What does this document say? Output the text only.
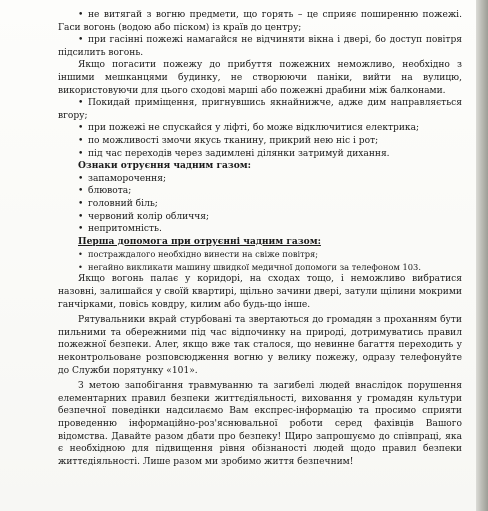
• не витягай з вогню предмети, що горять – це сприяє поширенню пожежі. Гаси вогонь (водою або піском) із країв до центру;

• при гасінні пожежі намагайся не відчиняти вікна і двері, бо доступ повітря підсилить вогонь.

Якщо погасити пожежу до прибуття пожежних неможливо, необхідно з іншими мешканцями будинку, не створюючи паніки, вийти на вулицю, використовуючи для цього сходові марші або пожежні драбини між балконами.

• Покидай приміщення, пригнувшись якнайнижче, адже дим направляється вгору;

• при пожежі не спускайся у ліфті, бо може відключитися електрика;

• по можливості змочи якусь тканину, прикрий нею ніс і рот;

• під час переходів через задимлені ділянки затримуй дихання.

Ознаки отруєння чадним газом:

• запаморочення;

• блювота;

• головний біль;

• червоний колір обличчя;

• непритомність.

Перша допомога при отруєнні чадним газом:

• постраждалого необхідно винести на свіже повітря;

• негайно викликати машину швидкої медичної допомоги за телефоном 103.

Якщо вогонь палає у коридорі, на сходах тощо, і неможливо вибратися назовні, залишайся у своїй квартирі, щільно зачини двері, затули щілини мокрими ганчірками, повісь ковдру, килим або будь-що інше.

Рятувальники вкрай стурбовані та звертаються до громадян з проханням бути пильними та обережними під час відпочинку на природі, дотримуватись правил пожежної безпеки. Алеr, якщо вже так сталося, що невинне багаття переходить у неконтрольоване розповсюдження вогню у велику пожежу, одразу телефонуйте до Служби порятунку «101».

З метою запобігання травмуванню та загибелі людей внаслідок порушення елементарних правил безпеки життєдіяльності, виховання у громадян культури безпечної поведінки надсилаємо Вам експрес-інформацію та просимо сприяти проведенню інформаційно-роз'яснювальної роботи серед фахівців Вашого відомства. Давайте разом дбати про безпеку! Щиро запрошуємо до співпраці, яка є необхідною для підвищення рівня обізнаності людей щодо правил безпеки життєдіяльності. Лише разом ми зробимо життя безпечним!
